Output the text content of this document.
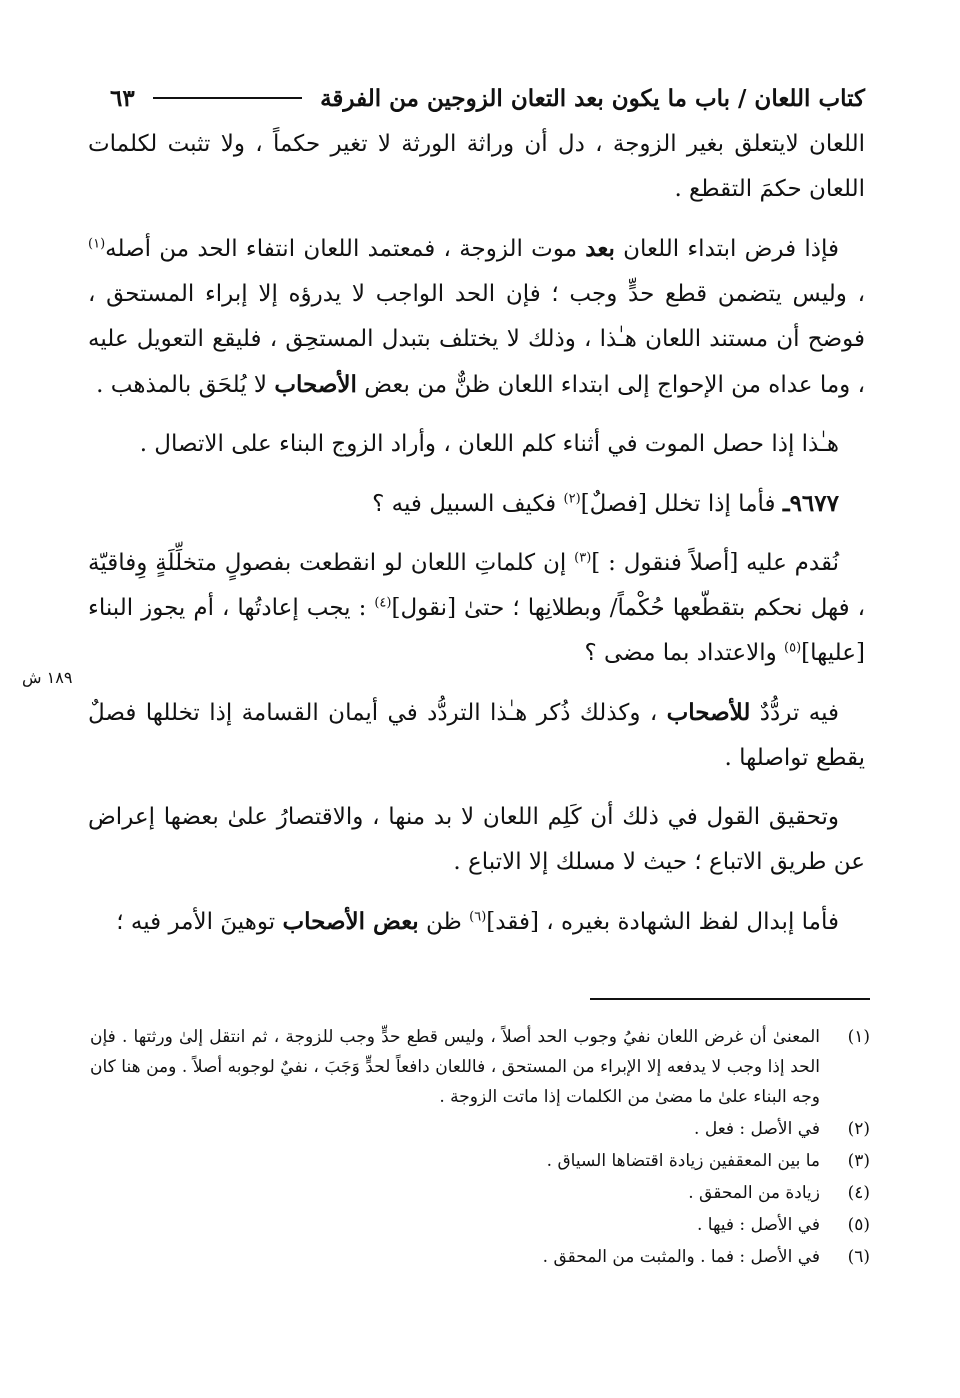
كتاب اللعان / باب ما يكون بعد التعان الزوجين من الفرقة
٦٣
١٨٩ ش

اللعان لايتعلق بغير الزوجة ، دل أن وراثة الورثة لا تغير حكماً ، ولا تثبت لكلمات اللعان حكمَ التقطع .

فإذا فرض ابتداء اللعان بعد موت الزوجة ، فمعتمد اللعان انتفاء الحد من أصله$^{(١)}$ ، وليس يتضمن قطع حدٍّ وجب ؛ فإن الحد الواجب لا يدرؤه إلا إبراء المستحق ، فوضح أن مستند اللعان هـٰذا ، وذلك لا يختلف بتبدل المستحِق ، فليقع التعويل عليه ، وما عداه من الإحواج إلى ابتداء اللعان ظنٌّ من بعض الأصحاب لا يُلحَق بالمذهب .

هـٰذا إذا حصل الموت في أثناء كلم اللعان ، وأراد الزوج البناء على الاتصال .

٩٦٧٧ـ فأما إذا تخلل [فصلٌ]$^{(٢)}$ فكيف السبيل فيه ؟

نُقدم عليه [أصلاً فنقول : ]$^{(٣)}$ إن كلماتِ اللعان لو انقطعت بفصولٍ متخلِّلَةٍ وِفاقيّة ، فهل نحكم بتقطّعها حُكْماً/ وبطلانِها ؛ حتىٰ [نقول]$^{(٤)}$ : يجب إعادتُها ، أم يجوز البناء [عليها]$^{(٥)}$ والاعتداد بما مضى ؟

فيه تردُّدٌ للأصحاب ، وكذلك ذُكر هـٰذا التردُّد في أيمان القسامة إذا تخللها فصلٌ يقطع تواصلها .

وتحقيق القول في ذلك أن كَلِم اللعان لا بد منها ، والاقتصارُ علىٰ بعضها إعراض عن طريق الاتباع ؛ حيث لا مسلك إلا الاتباع .

فأما إبدال لفظ الشهادة بغيره ، [فقد]$^{(٦)}$ ظن بعض الأصحاب توهينَ الأمر فيه ؛

(١)
المعنىٰ أن غرض اللعان نفيُ وجوب الحد أصلاً ، وليس قطع حدٍّ وجب للزوجة ، ثم انتقل إلىٰ ورثتها . فإن الحد إذا وجب لا يدفعه إلا الإبراء من المستحق ، فاللعان دافعاً لحدٍّ وَجَبَ ، نفيٌ لوجوبه أصلاً . ومن هنا كان وجه البناء علىٰ ما مضىٰ من الكلمات إذا ماتت الزوجة .
(٢)
في الأصل : فعل .
(٣)
ما بين المعقفين زيادة اقتضاها السياق .
(٤)
زيادة من المحقق .
(٥)
في الأصل : فيها .
(٦)
في الأصل : فما . والمثبت من المحقق .
